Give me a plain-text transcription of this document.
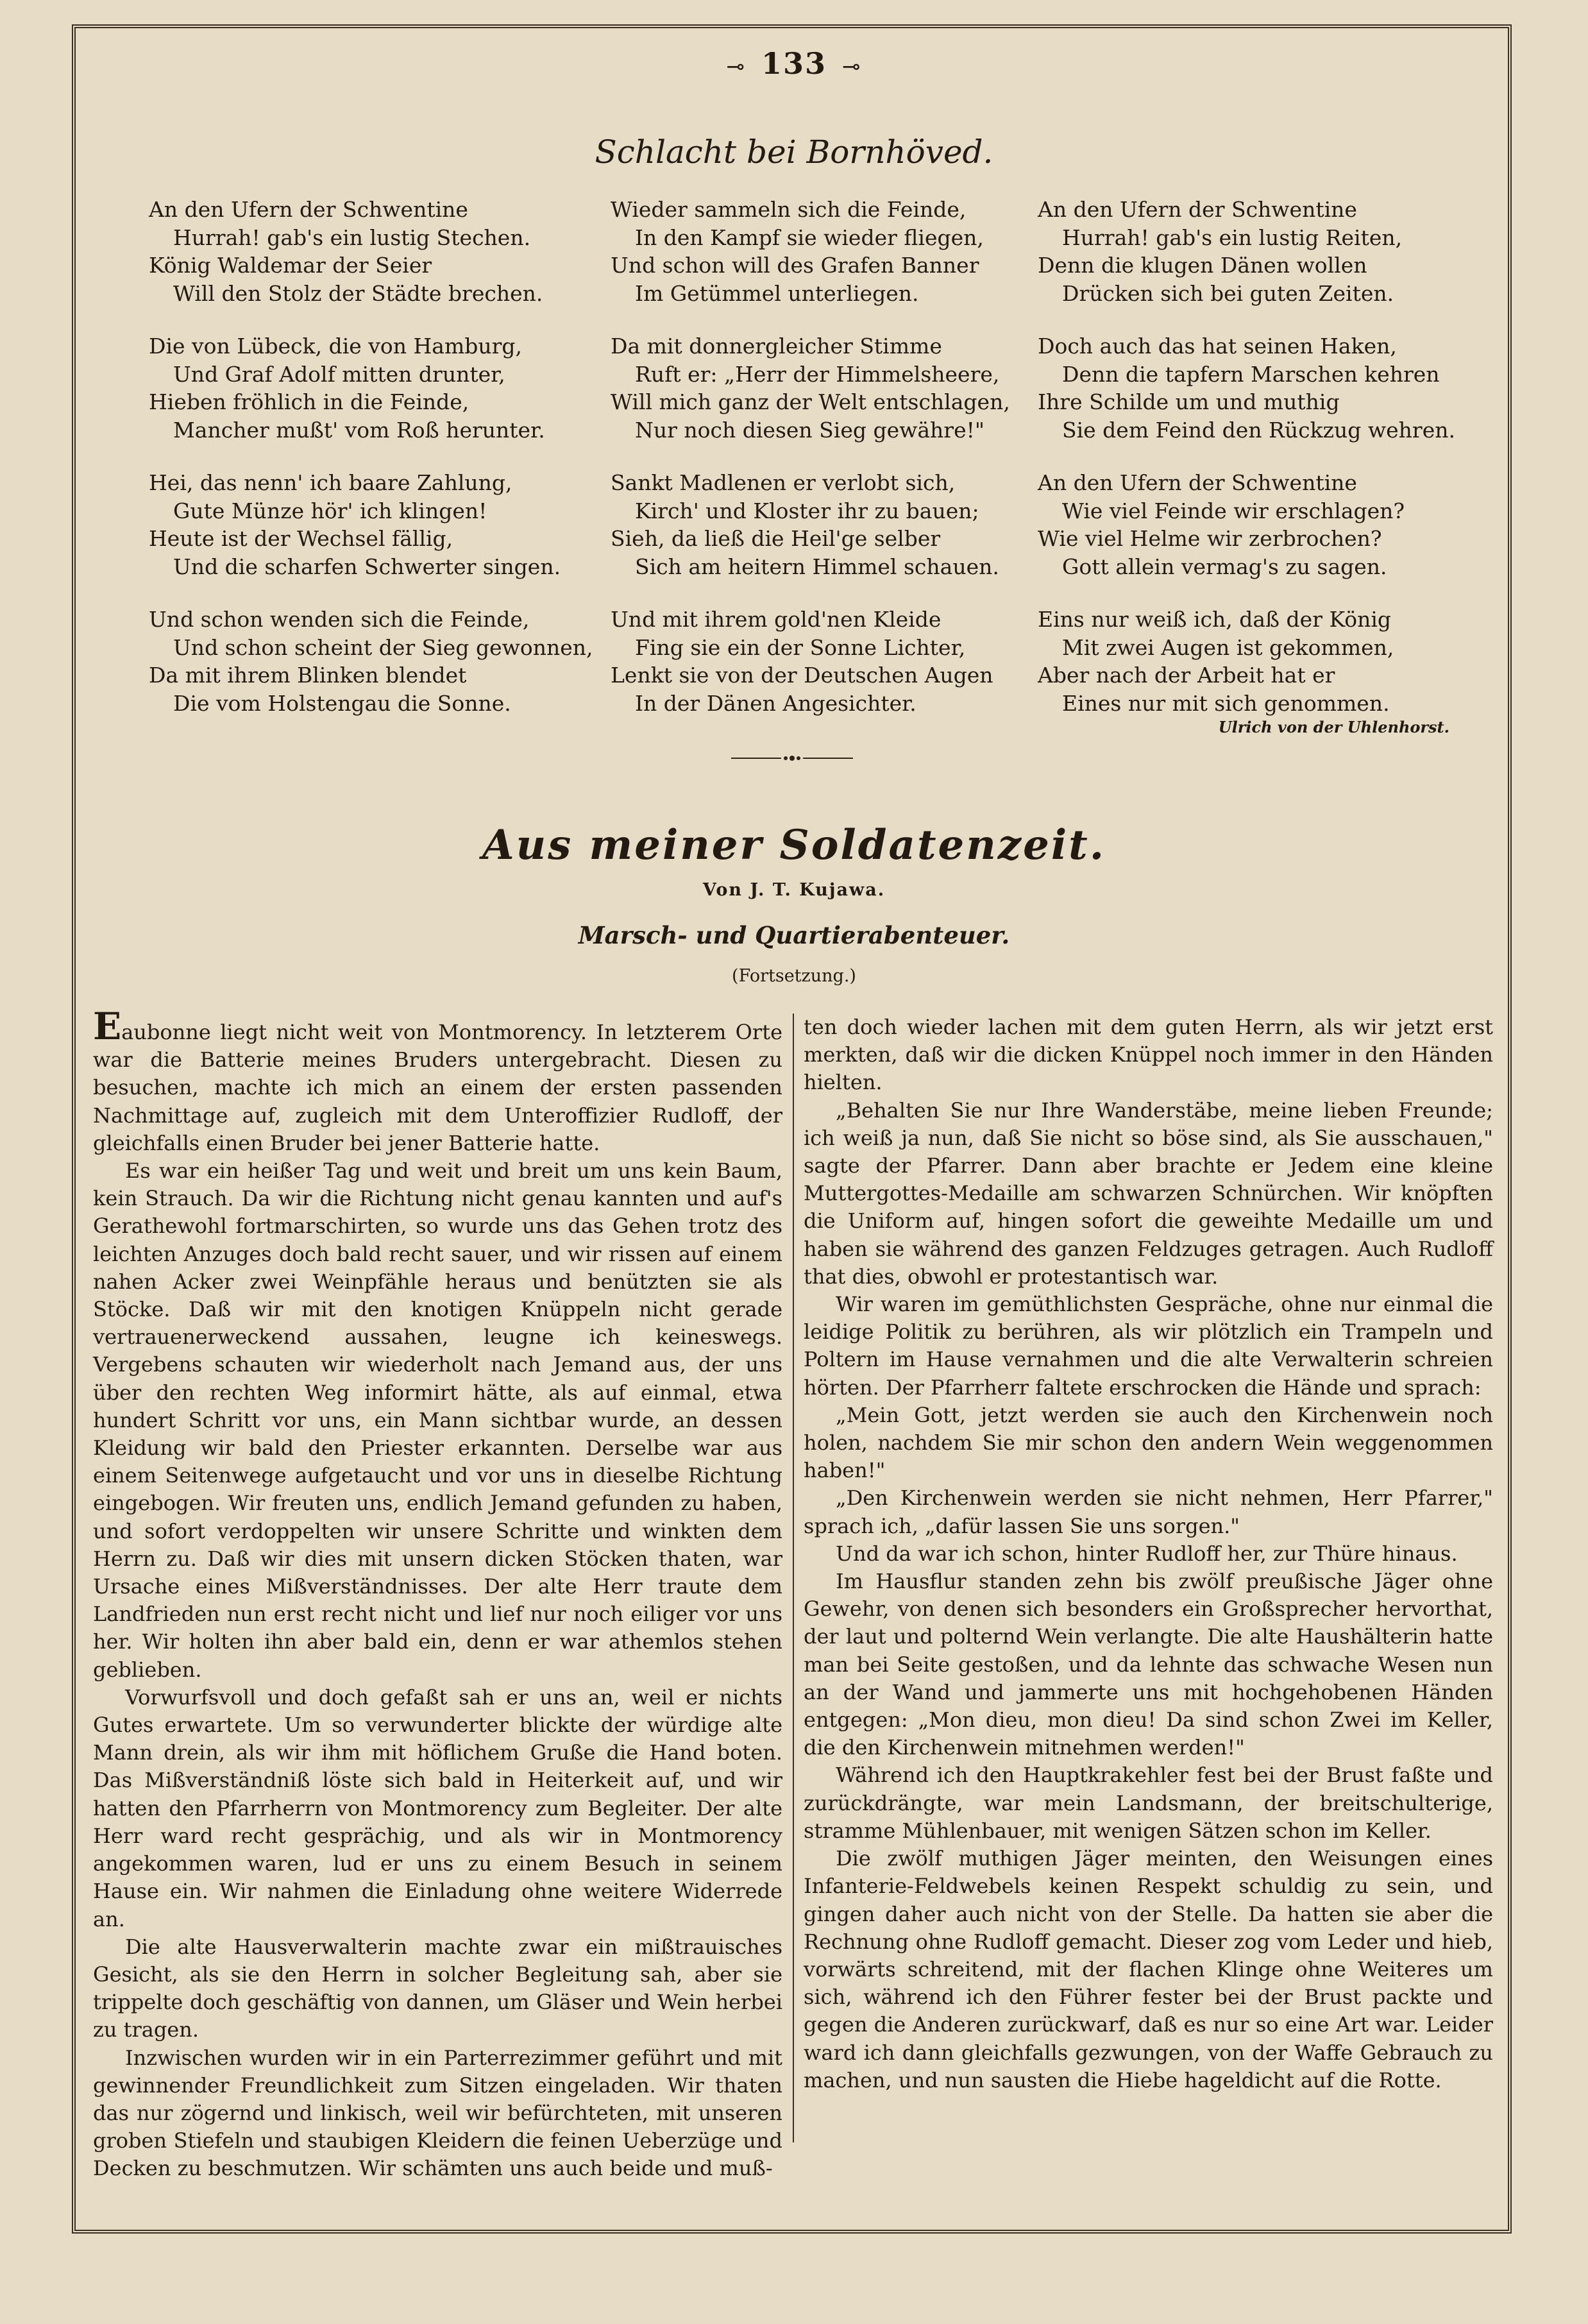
⊸ 133 ⊸
Schlacht bei Bornhöved.
An den Ufern der Schwentine
Hurrah! gab's ein lustig Stechen.
König Waldemar der Seier
Will den Stolz der Städte brechen.
Die von Lübeck, die von Hamburg,
Und Graf Adolf mitten drunter,
Hieben fröhlich in die Feinde,
Mancher mußt' vom Roß herunter.
Hei, das nenn' ich baare Zahlung,
Gute Münze hör' ich klingen!
Heute ist der Wechsel fällig,
Und die scharfen Schwerter singen.
Und schon wenden sich die Feinde,
Und schon scheint der Sieg gewonnen,
Da mit ihrem Blinken blendet
Die vom Holstengau die Sonne.
Wieder sammeln sich die Feinde,
In den Kampf sie wieder fliegen,
Und schon will des Grafen Banner
Im Getümmel unterliegen.
Da mit donnergleicher Stimme
Ruft er: „Herr der Himmelsheere,
Will mich ganz der Welt entschlagen,
Nur noch diesen Sieg gewähre!"
Sankt Madlenen er verlobt sich,
Kirch' und Kloster ihr zu bauen;
Sieh, da ließ die Heil'ge selber
Sich am heitern Himmel schauen.
Und mit ihrem gold'nen Kleide
Fing sie ein der Sonne Lichter,
Lenkt sie von der Deutschen Augen
In der Dänen Angesichter.
An den Ufern der Schwentine
Hurrah! gab's ein lustig Reiten,
Denn die klugen Dänen wollen
Drücken sich bei guten Zeiten.
Doch auch das hat seinen Haken,
Denn die tapfern Marschen kehren
Ihre Schilde um und muthig
Sie dem Feind den Rückzug wehren.
An den Ufern der Schwentine
Wie viel Feinde wir erschlagen?
Wie viel Helme wir zerbrochen?
Gott allein vermag's zu sagen.
Eins nur weiß ich, daß der König
Mit zwei Augen ist gekommen,
Aber nach der Arbeit hat er
Eines nur mit sich genommen.
Ulrich von der Uhlenhorst.
Aus meiner Soldatenzeit.
Von J. T. Kujawa.
Marsch- und Quartierabenteuer.
(Fortsetzung.)

Eaubonne liegt nicht weit von Montmorency. In letzterem Orte war die Batterie meines Bruders untergebracht. Diesen zu besuchen, machte ich mich an einem der ersten passenden Nachmittage auf, zugleich mit dem Unteroffizier Rudloff, der gleichfalls einen Bruder bei jener Batterie hatte.

Es war ein heißer Tag und weit und breit um uns kein Baum, kein Strauch. Da wir die Richtung nicht genau kannten und auf's Gerathewohl fortmarschirten, so wurde uns das Gehen trotz des leichten Anzuges doch bald recht sauer, und wir rissen auf einem nahen Acker zwei Weinpfähle heraus und benützten sie als Stöcke. Daß wir mit den knotigen Knüppeln nicht gerade vertrauenerweckend aussahen, leugne ich keineswegs. Vergebens schauten wir wiederholt nach Jemand aus, der uns über den rechten Weg informirt hätte, als auf einmal, etwa hundert Schritt vor uns, ein Mann sichtbar wurde, an dessen Kleidung wir bald den Priester erkannten. Derselbe war aus einem Seitenwege aufgetaucht und vor uns in dieselbe Richtung eingebogen. Wir freuten uns, endlich Jemand gefunden zu haben, und sofort verdoppelten wir unsere Schritte und winkten dem Herrn zu. Daß wir dies mit unsern dicken Stöcken thaten, war Ursache eines Mißverständnisses. Der alte Herr traute dem Landfrieden nun erst recht nicht und lief nur noch eiliger vor uns her. Wir holten ihn aber bald ein, denn er war athemlos stehen geblieben.

Vorwurfsvoll und doch gefaßt sah er uns an, weil er nichts Gutes erwartete. Um so verwunderter blickte der würdige alte Mann drein, als wir ihm mit höflichem Gruße die Hand boten. Das Mißverständniß löste sich bald in Heiterkeit auf, und wir hatten den Pfarrherrn von Montmorency zum Begleiter. Der alte Herr ward recht gesprächig, und als wir in Montmorency angekommen waren, lud er uns zu einem Besuch in seinem Hause ein. Wir nahmen die Einladung ohne weitere Widerrede an.

Die alte Hausverwalterin machte zwar ein mißtrauisches Gesicht, als sie den Herrn in solcher Begleitung sah, aber sie trippelte doch geschäftig von dannen, um Gläser und Wein herbei zu tragen.

Inzwischen wurden wir in ein Parterrezimmer geführt und mit gewinnender Freundlichkeit zum Sitzen eingeladen. Wir thaten das nur zögernd und linkisch, weil wir befürchteten, mit unseren groben Stiefeln und staubigen Kleidern die feinen Ueberzüge und Decken zu beschmutzen. Wir schämten uns auch beide und muß-

ten doch wieder lachen mit dem guten Herrn, als wir jetzt erst merkten, daß wir die dicken Knüppel noch immer in den Händen hielten.

„Behalten Sie nur Ihre Wanderstäbe, meine lieben Freunde; ich weiß ja nun, daß Sie nicht so böse sind, als Sie ausschauen," sagte der Pfarrer. Dann aber brachte er Jedem eine kleine Muttergottes-Medaille am schwarzen Schnürchen. Wir knöpften die Uniform auf, hingen sofort die geweihte Medaille um und haben sie während des ganzen Feldzuges getragen. Auch Rudloff that dies, obwohl er protestantisch war.

Wir waren im gemüthlichsten Gespräche, ohne nur einmal die leidige Politik zu berühren, als wir plötzlich ein Trampeln und Poltern im Hause vernahmen und die alte Verwalterin schreien hörten. Der Pfarrherr faltete erschrocken die Hände und sprach:

„Mein Gott, jetzt werden sie auch den Kirchenwein noch holen, nachdem Sie mir schon den andern Wein weggenommen haben!"

„Den Kirchenwein werden sie nicht nehmen, Herr Pfarrer," sprach ich, „dafür lassen Sie uns sorgen."

Und da war ich schon, hinter Rudloff her, zur Thüre hinaus.

Im Hausflur standen zehn bis zwölf preußische Jäger ohne Gewehr, von denen sich besonders ein Großsprecher hervorthat, der laut und polternd Wein verlangte. Die alte Haushälterin hatte man bei Seite gestoßen, und da lehnte das schwache Wesen nun an der Wand und jammerte uns mit hochgehobenen Händen entgegen: „Mon dieu, mon dieu! Da sind schon Zwei im Keller, die den Kirchenwein mitnehmen werden!"

Während ich den Hauptkrakehler fest bei der Brust faßte und zurückdrängte, war mein Landsmann, der breitschulterige, stramme Mühlenbauer, mit wenigen Sätzen schon im Keller.

Die zwölf muthigen Jäger meinten, den Weisungen eines Infanterie-Feldwebels keinen Respekt schuldig zu sein, und gingen daher auch nicht von der Stelle. Da hatten sie aber die Rechnung ohne Rudloff gemacht. Dieser zog vom Leder und hieb, vorwärts schreitend, mit der flachen Klinge ohne Weiteres um sich, während ich den Führer fester bei der Brust packte und gegen die Anderen zurückwarf, daß es nur so eine Art war. Leider ward ich dann gleichfalls gezwungen, von der Waffe Gebrauch zu machen, und nun sausten die Hiebe hageldicht auf die Rotte.
